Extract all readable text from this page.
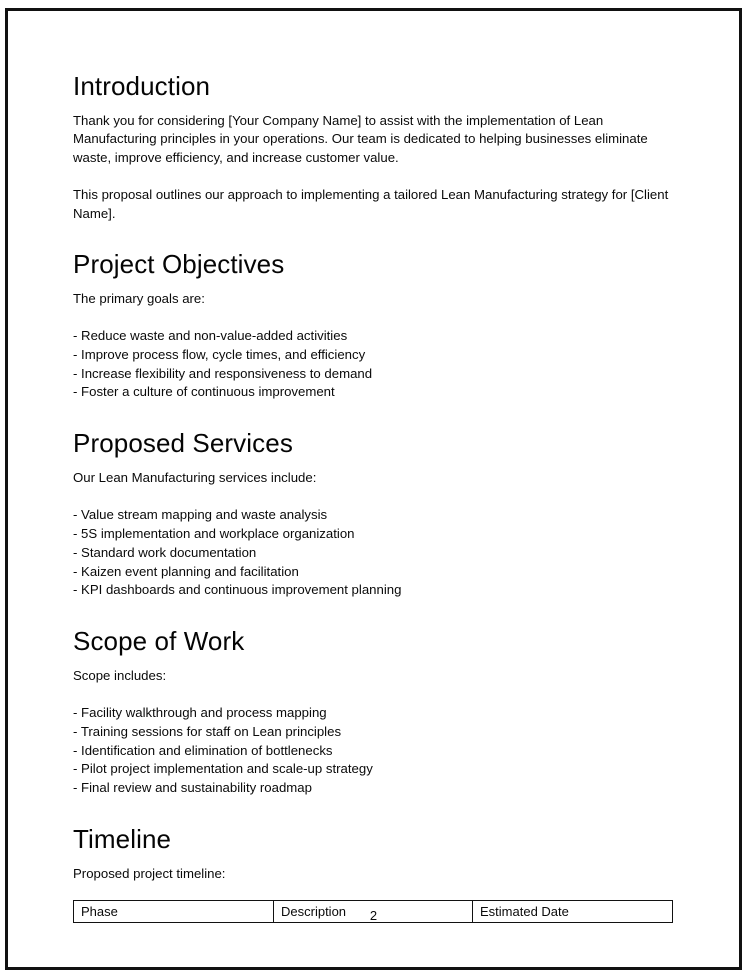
Introduction

Thank you for considering [Your Company Name] to assist with the implementation of Lean Manufacturing principles in your operations. Our team is dedicated to helping businesses eliminate waste, improve efficiency, and increase customer value.

This proposal outlines our approach to implementing a tailored Lean Manufacturing strategy for [Client Name].

Project Objectives

The primary goals are:

- Reduce waste and non-value-added activities
- Improve process flow, cycle times, and efficiency
- Increase flexibility and responsiveness to demand
- Foster a culture of continuous improvement
Proposed Services

Our Lean Manufacturing services include:

- Value stream mapping and waste analysis
- 5S implementation and workplace organization
- Standard work documentation
- Kaizen event planning and facilitation
- KPI dashboards and continuous improvement planning
Scope of Work

Scope includes:

- Facility walkthrough and process mapping
- Training sessions for staff on Lean principles
- Identification and elimination of bottlenecks
- Pilot project implementation and scale-up strategy
- Final review and sustainability roadmap
Timeline

Proposed project timeline:

Phase	Description	Estimated Date
2
